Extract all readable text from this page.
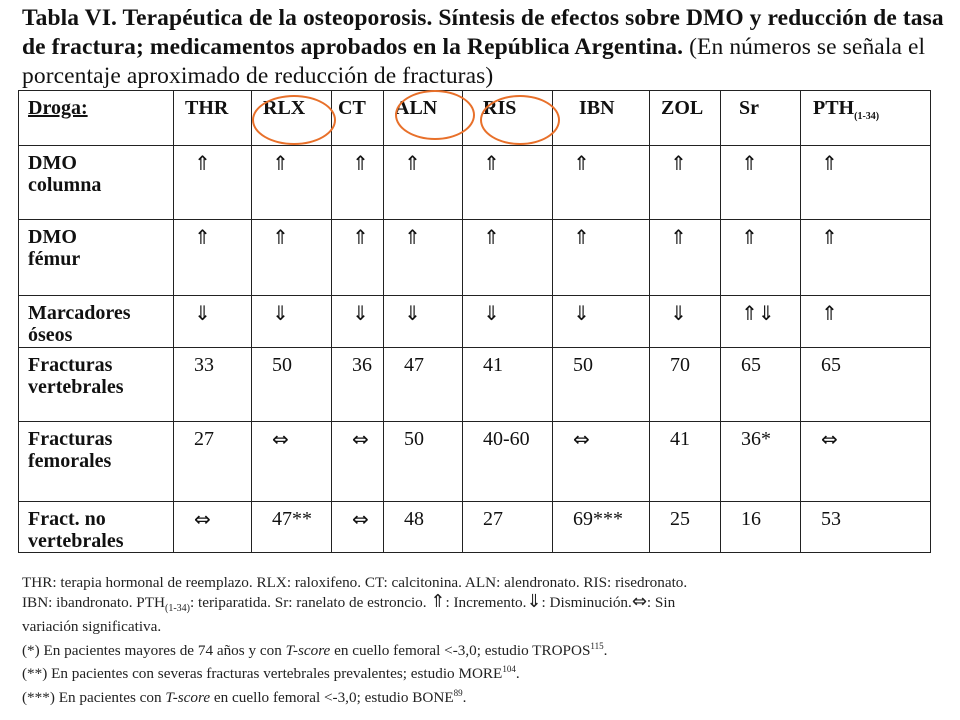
Tabla VI. Terapéutica de la osteoporosis. Síntesis de efectos sobre DMO y reducción de tasa de fractura; medicamentos aprobados en la República Argentina. (En números se señala el porcentaje aproximado de reducción de fracturas)
Droga:	THR	RLX	CT	ALN	RIS	IBN	ZOL	Sr	$PTH_{(1-34)}$

DMO
columna	⇑	⇑	⇑	⇑	⇑	⇑	⇑	⇑	⇑

DMO
fémur	⇑	⇑	⇑	⇑	⇑	⇑	⇑	⇑	⇑

Marcadores
óseos	⇓	⇓	⇓	⇓	⇓	⇓	⇓	⇑⇓	⇑

Fracturas
vertebrales	33	50	36	47	41	50	70	65	65

Fracturas
femorales	27	⇔	⇔	50	40-60	⇔	41	36*	⇔

Fract. no
vertebrales	⇔	47**	⇔	48	27	69***	25	16	53

THR: terapia hormonal de reemplazo. RLX: raloxifeno. CT: calcitonina. ALN: alendronato. RIS: risedronato.

IBN: ibandronato. $PTH_{(1-34)}$: teriparatida. Sr: ranelato de estroncio. ⇑: Incremento.⇓: Disminución.⇔: Sin

variación significativa.

(*) En pacientes mayores de 74 años y con T-score en cuello femoral <-3,0; estudio TROPOS$^{115}$.

(**) En pacientes con severas fracturas vertebrales prevalentes; estudio MORE$^{104}$.

(***) En pacientes con T-score en cuello femoral <-3,0; estudio BONE$^{89}$.
